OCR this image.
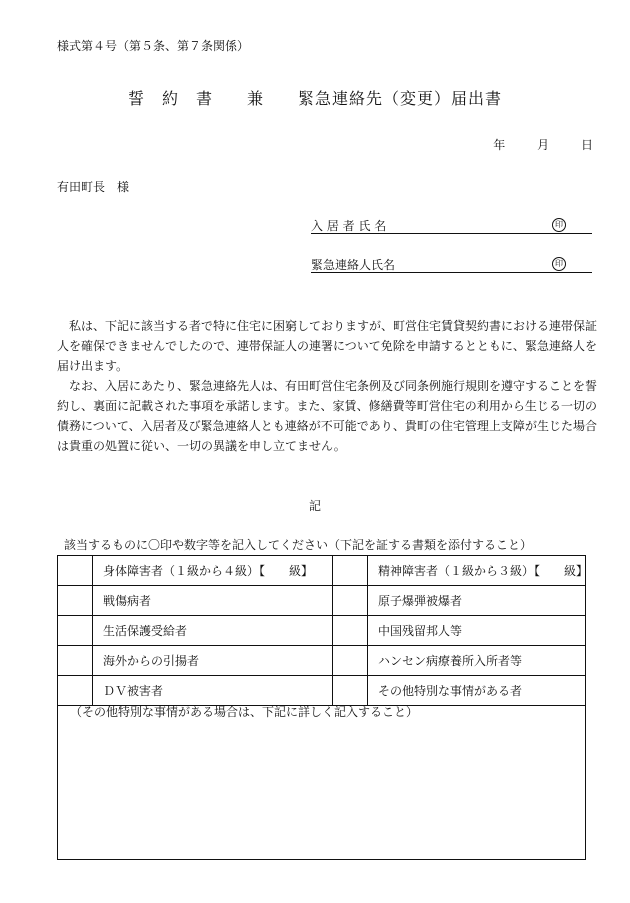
様式第４号（第５条、第７条関係）
誓　約　書　　兼　　緊急連絡先（変更）届出書
年	月	日
有田町長　様
入 居 者 氏 名	印
緊急連絡人氏名	印

私は、下記に該当する者で特に住宅に困窮しておりますが、町営住宅賃貸契約書における連帯保証人を確保できませんでしたので、連帯保証人の連署について免除を申請するとともに、緊急連絡人を届け出ます。

なお、入居にあたり、緊急連絡先人は、有田町営住宅条例及び同条例施行規則を遵守することを誓約し、裏面に記載された事項を承諾します。また、家賃、修繕費等町営住宅の利用から生じる一切の債務について、入居者及び緊急連絡人とも連絡が不可能であり、貴町の住宅管理上支障が生じた場合は貴重の処置に従い、一切の異議を申し立てません。

記
該当するものに〇印や数字等を記入してください（下記を証する書類を添付すること）
	身体障害者（１級から４級）【　　級】		精神障害者（１級から３級）【　　級】
	戦傷病者		原子爆弾被爆者
	生活保護受給者		中国残留邦人等
	海外からの引揚者		ハンセン病療養所入所者等
	ＤＶ被害者		その他特別な事情がある者
（その他特別な事情がある場合は、下記に詳しく記入すること）
